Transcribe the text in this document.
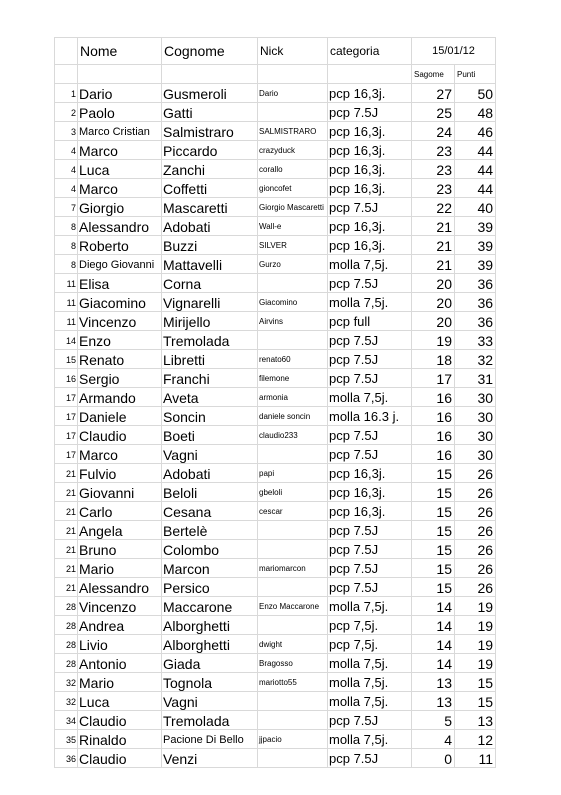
	Nome	Cognome	Nick	categoria	15/01/12	
					Sagome	Punti
1	Dario	Gusmeroli	Dario	pcp 16,3j.	27	50
2	Paolo	Gatti		pcp 7.5J	25	48
3	Marco Cristian	Salmistraro	SALMISTRARO	pcp 16,3j.	24	46
4	Marco	Piccardo	crazyduck	pcp 16,3j.	23	44
4	Luca	Zanchi	corallo	pcp 16,3j.	23	44
4	Marco	Coffetti	gioncofet	pcp 16,3j.	23	44
7	Giorgio	Mascaretti	Giorgio Mascaretti	pcp 7.5J	22	40
8	Alessandro	Adobati	Wall-e	pcp 16,3j.	21	39
8	Roberto	Buzzi	SILVER	pcp 16,3j.	21	39
8	Diego Giovanni	Mattavelli	Gurzo	molla 7,5j.	21	39
11	Elisa	Corna		pcp 7.5J	20	36
11	Giacomino	Vignarelli	Giacomino	molla 7,5j.	20	36
11	Vincenzo	Mirijello	Airvins	pcp full	20	36
14	Enzo	Tremolada		pcp 7.5J	19	33
15	Renato	Libretti	renato60	pcp 7.5J	18	32
16	Sergio	Franchi	filemone	pcp 7.5J	17	31
17	Armando	Aveta	armonia	molla 7,5j.	16	30
17	Daniele	Soncin	daniele soncin	molla 16.3 j.	16	30
17	Claudio	Boeti	claudio233	pcp 7.5J	16	30
17	Marco	Vagni		pcp 7.5J	16	30
21	Fulvio	Adobati	papi	pcp 16,3j.	15	26
21	Giovanni	Beloli	gbeloli	pcp 16,3j.	15	26
21	Carlo	Cesana	cescar	pcp 16,3j.	15	26
21	Angela	Bertelè		pcp 7.5J	15	26
21	Bruno	Colombo		pcp 7.5J	15	26
21	Mario	Marcon	mariomarcon	pcp 7.5J	15	26
21	Alessandro	Persico		pcp 7.5J	15	26
28	Vincenzo	Maccarone	Enzo Maccarone	molla 7,5j.	14	19
28	Andrea	Alborghetti		pcp 7,5j.	14	19
28	Livio	Alborghetti	dwight	pcp 7,5j.	14	19
28	Antonio	Giada	Bragosso	molla 7,5j.	14	19
32	Mario	Tognola	mariotto55	molla 7,5j.	13	15
32	Luca	Vagni		molla 7,5j.	13	15
34	Claudio	Tremolada		pcp 7.5J	5	13
35	Rinaldo	Pacione Di Bello	jjpacio	molla 7,5j.	4	12
36	Claudio	Venzi		pcp 7.5J	0	11
